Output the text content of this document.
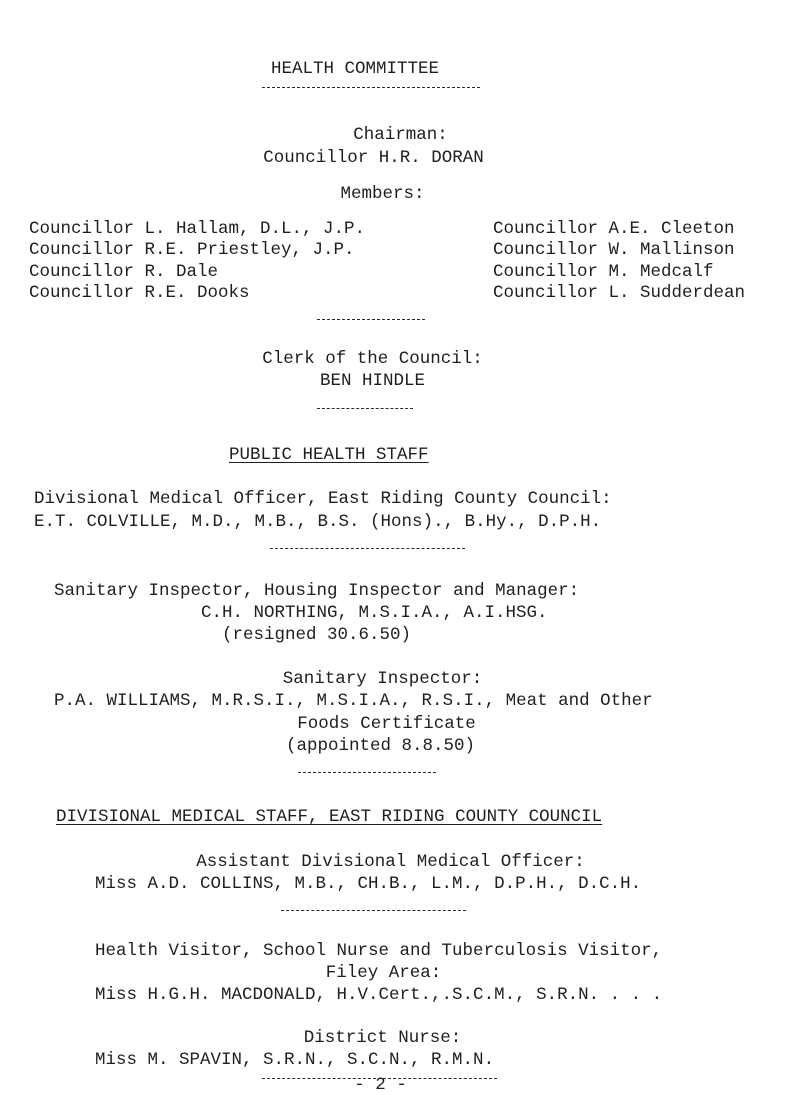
HEALTH COMMITTEE
Chairman:
Councillor H.R. DORAN
Members:
Councillor L. Hallam, D.L., J.P.
Councillor R.E. Priestley, J.P.
Councillor R. Dale
Councillor R.E. Dooks
Councillor A.E. Cleeton
Councillor W. Mallinson
Councillor M. Medcalf
Councillor L. Sudderdean
Clerk of the Council:
BEN HINDLE
PUBLIC HEALTH STAFF
Divisional Medical Officer, East Riding County Council:
E.T. COLVILLE, M.D., M.B., B.S. (Hons)., B.Hy., D.P.H.
Sanitary Inspector, Housing Inspector and Manager:
C.H. NORTHING, M.S.I.A., A.I.HSG.
(resigned 30.6.50)
Sanitary Inspector:
P.A. WILLIAMS, M.R.S.I., M.S.I.A., R.S.I., Meat and Other
Foods Certificate
(appointed 8.8.50)
DIVISIONAL MEDICAL STAFF, EAST RIDING COUNTY COUNCIL
Assistant Divisional Medical Officer:
Miss A.D. COLLINS, M.B., CH.B., L.M., D.P.H., D.C.H.
Health Visitor, School Nurse and Tuberculosis Visitor,
Filey Area:
Miss H.G.H. MACDONALD, H.V.Cert.,.S.C.M., S.R.N. . . .
District Nurse:
Miss M. SPAVIN, S.R.N., S.C.N., R.M.N.
- 2 -
